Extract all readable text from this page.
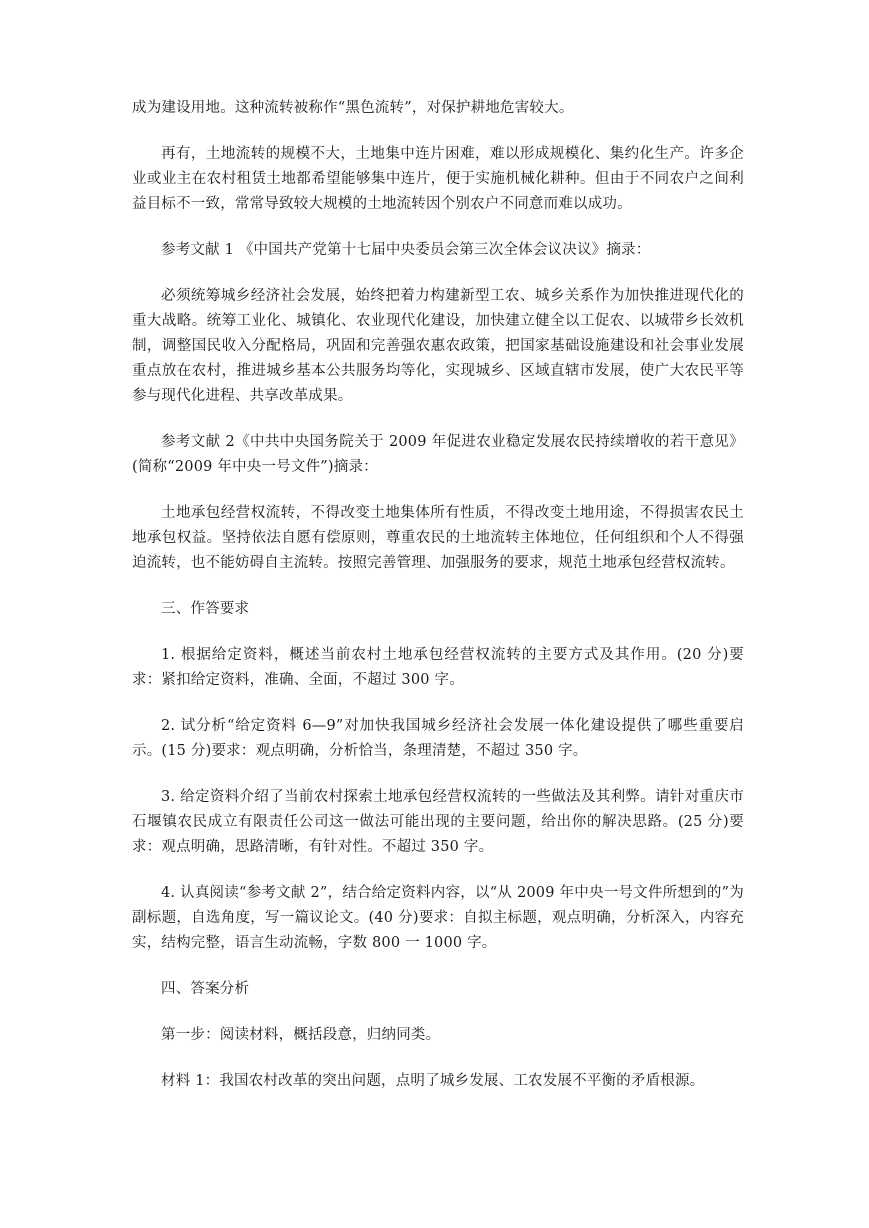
成为建设用地。这种流转被称作“黑色流转”，对保护耕地危害较大。

再有，土地流转的规模不大，土地集中连片困难，难以形成规模化、集约化生产。许多企业或业主在农村租赁土地都希望能够集中连片，便于实施机械化耕种。但由于不同农户之间利益目标不一致，常常导致较大规模的土地流转因个别农户不同意而难以成功。

参考文献 1 《中国共产党第十七届中央委员会第三次全体会议决议》摘录：

必须统筹城乡经济社会发展，始终把着力构建新型工农、城乡关系作为加快推进现代化的重大战略。统筹工业化、城镇化、农业现代化建设，加快建立健全以工促农、以城带乡长效机制，调整国民收入分配格局，巩固和完善强农惠农政策，把国家基础设施建设和社会事业发展重点放在农村，推进城乡基本公共服务均等化，实现城乡、区域直辖市发展，使广大农民平等参与现代化进程、共享改革成果。

参考文献 2《中共中央国务院关于 2009 年促进农业稳定发展农民持续增收的若干意见》(简称“2009 年中央一号文件”)摘录：

土地承包经营权流转，不得改变土地集体所有性质，不得改变土地用途，不得损害农民土地承包权益。坚持依法自愿有偿原则，尊重农民的土地流转主体地位，任何组织和个人不得强迫流转，也不能妨碍自主流转。按照完善管理、加强服务的要求，规范土地承包经营权流转。

三、作答要求

1. 根据给定资料，概述当前农村土地承包经营权流转的主要方式及其作用。(20 分)要求：紧扣给定资料，准确、全面，不超过 300 字。

2. 试分析“给定资料 6—9”对加快我国城乡经济社会发展一体化建设提供了哪些重要启示。(15 分)要求：观点明确，分析恰当，条理清楚，不超过 350 字。

3. 给定资料介绍了当前农村探索土地承包经营权流转的一些做法及其利弊。请针对重庆市石堰镇农民成立有限责任公司这一做法可能出现的主要问题，给出你的解决思路。(25 分)要求：观点明确，思路清晰，有针对性。不超过 350 字。

4. 认真阅读“参考文献 2”，结合给定资料内容，以“从 2009 年中央一号文件所想到的”为副标题，自选角度，写一篇议论文。(40 分)要求：自拟主标题，观点明确，分析深入，内容充实，结构完整，语言生动流畅，字数 800 一 1000 字。

四、答案分析

第一步：阅读材料，概括段意，归纳同类。

材料 1：我国农村改革的突出问题，点明了城乡发展、工农发展不平衡的矛盾根源。
